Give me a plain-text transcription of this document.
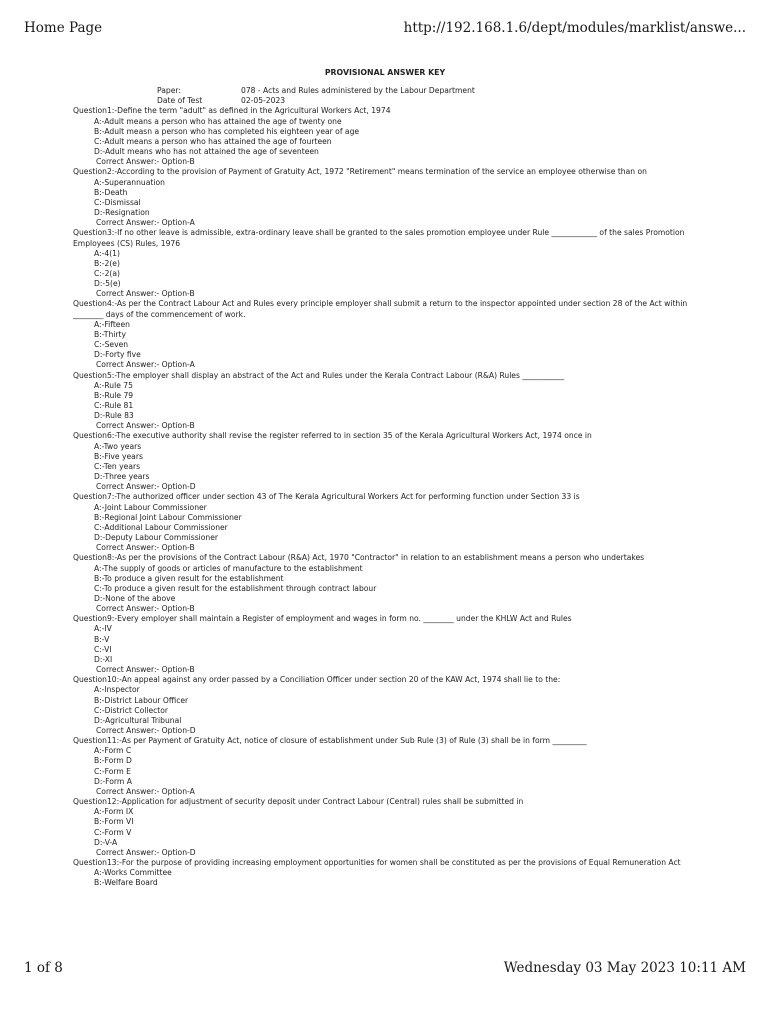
Home Page	http://192.168.1.6/dept/modules/marklist/answe...
PROVISIONAL ANSWER KEY
Paper:	078 - Acts and Rules administered by the Labour Department
Date of Test	02-05-2023
Question1:-Define the term "adult" as defined in the Agricultural Workers Act, 1974
A:-Adult means a person who has attained the age of twenty one
B:-Adult measn a person who has completed his eighteen year of age
C:-Adult means a person who has attained the age of fourteen
D:-Adult means who has not attained the age of seventeen
Correct Answer:- Option-B
Question2:-According to the provision of Payment of Gratuity Act, 1972 "Retirement" means termination of the service an employee otherwise than on
A:-Superannuation
B:-Death
C:-Dismissal
D:-Resignation
Correct Answer:- Option-A
Question3:-If no other leave is admissible, extra-ordinary leave shall be granted to the sales promotion employee under Rule ____________ of the sales Promotion Employees (CS) Rules, 1976
A:-4(1)
B:-2(e)
C:-2(a)
D:-5(e)
Correct Answer:- Option-B
Question4:-As per the Contract Labour Act and Rules every principle employer shall submit a return to the inspector appointed under section 28 of the Act within ________ days of the commencement of work.
A:-Fifteen
B:-Thirty
C:-Seven
D:-Forty five
Correct Answer:- Option-A
Question5:-The employer shall display an abstract of the Act and Rules under the Kerala Contract Labour (R&A) Rules ___________
A:-Rule 75
B:-Rule 79
C:-Rule 81
D:-Rule 83
Correct Answer:- Option-B
Question6:-The executive authority shall revise the register referred to in section 35 of the Kerala Agricultural Workers Act, 1974 once in
A:-Two years
B:-Five years
C:-Ten years
D:-Three years
Correct Answer:- Option-D
Question7:-The authorized officer under section 43 of The Kerala Agricultural Workers Act for performing function under Section 33 is
A:-Joint Labour Commissioner
B:-Regional Joint Labour Commissioner
C:-Additional Labour Commissioner
D:-Deputy Labour Commissioner
Correct Answer:- Option-B
Question8:-As per the provisions of the Contract Labour (R&A) Act, 1970 "Contractor" in relation to an establishment means a person who undertakes
A:-The supply of goods or articles of manufacture to the establishment
B:-To produce a given result for the establishment
C:-To produce a given result for the establishment through contract labour
D:-None of the above
Correct Answer:- Option-B
Question9:-Every employer shall maintain a Register of employment and wages in form no. ________ under the KHLW Act and Rules
A:-IV
B:-V
C:-VI
D:-XI
Correct Answer:- Option-B
Question10:-An appeal against any order passed by a Conciliation Officer under section 20 of the KAW Act, 1974 shall lie to the:
A:-Inspector
B:-District Labour Officer
C:-District Collector
D:-Agricultural Tribunal
Correct Answer:- Option-D
Question11:-As per Payment of Gratuity Act, notice of closure of establishment under Sub Rule (3) of Rule (3) shall be in form _________
A:-Form C
B:-Form D
C:-Form E
D:-Form A
Correct Answer:- Option-A
Question12:-Application for adjustment of security deposit under Contract Labour (Central) rules shall be submitted in
A:-Form IX
B:-Form VI
C:-Form V
D:-V-A
Correct Answer:- Option-D
Question13:-For the purpose of providing increasing employment opportunities for women shall be constituted as per the provisions of Equal Remuneration Act
A:-Works Committee
B:-Welfare Board
1 of 8	Wednesday 03 May 2023 10:11 AM
